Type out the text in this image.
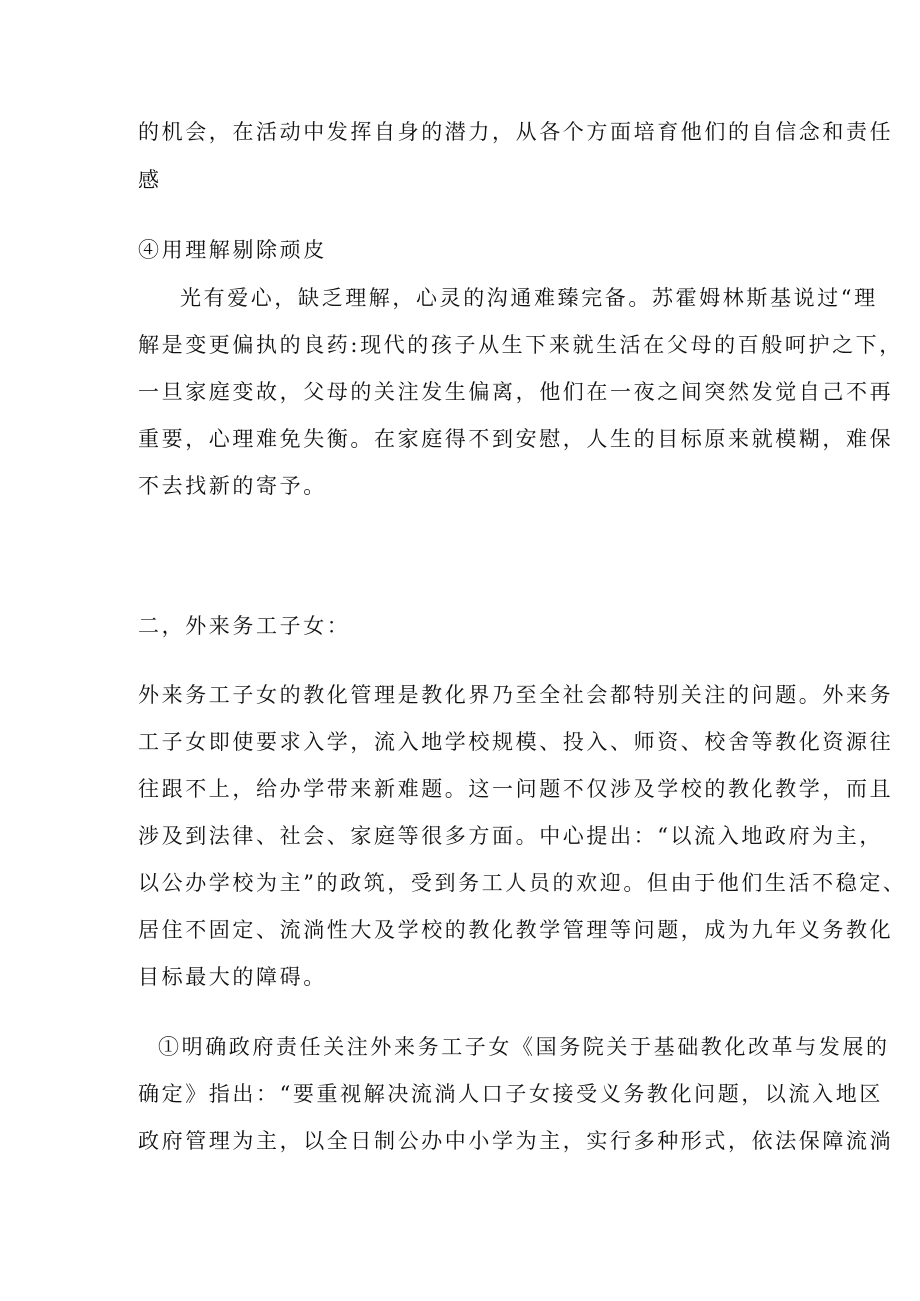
的机会，在活动中发挥自身的潜力，从各个方面培育他们的自信念和责任
感
④用理解剔除顽皮
光有爱心，缺乏理解，心灵的沟通难臻完备。苏霍姆林斯基说过“理
解是变更偏执的良药:现代的孩子从生下来就生活在父母的百般呵护之下，
一旦家庭变故，父母的关注发生偏离，他们在一夜之间突然发觉自己不再
重要，心理难免失衡。在家庭得不到安慰，人生的目标原来就模糊，难保
不去找新的寄予。
二，外来务工子女：
外来务工子女的教化管理是教化界乃至全社会都特别关注的问题。外来务
工子女即使要求入学，流入地学校规模、投入、师资、校舍等教化资源往
往跟不上，给办学带来新难题。这一问题不仅涉及学校的教化教学，而且
涉及到法律、社会、家庭等很多方面。中心提出：“以流入地政府为主，
以公办学校为主”的政筑，受到务工人员的欢迎。但由于他们生活不稳定、
居住不固定、流淌性大及学校的教化教学管理等问题，成为九年义务教化
目标最大的障碍。
①明确政府责任关注外来务工子女《国务院关于基础教化改革与发展的
确定》指出：“要重视解决流淌人口子女接受义务教化问题，以流入地区
政府管理为主，以全日制公办中小学为主，实行多种形式，依法保障流淌
